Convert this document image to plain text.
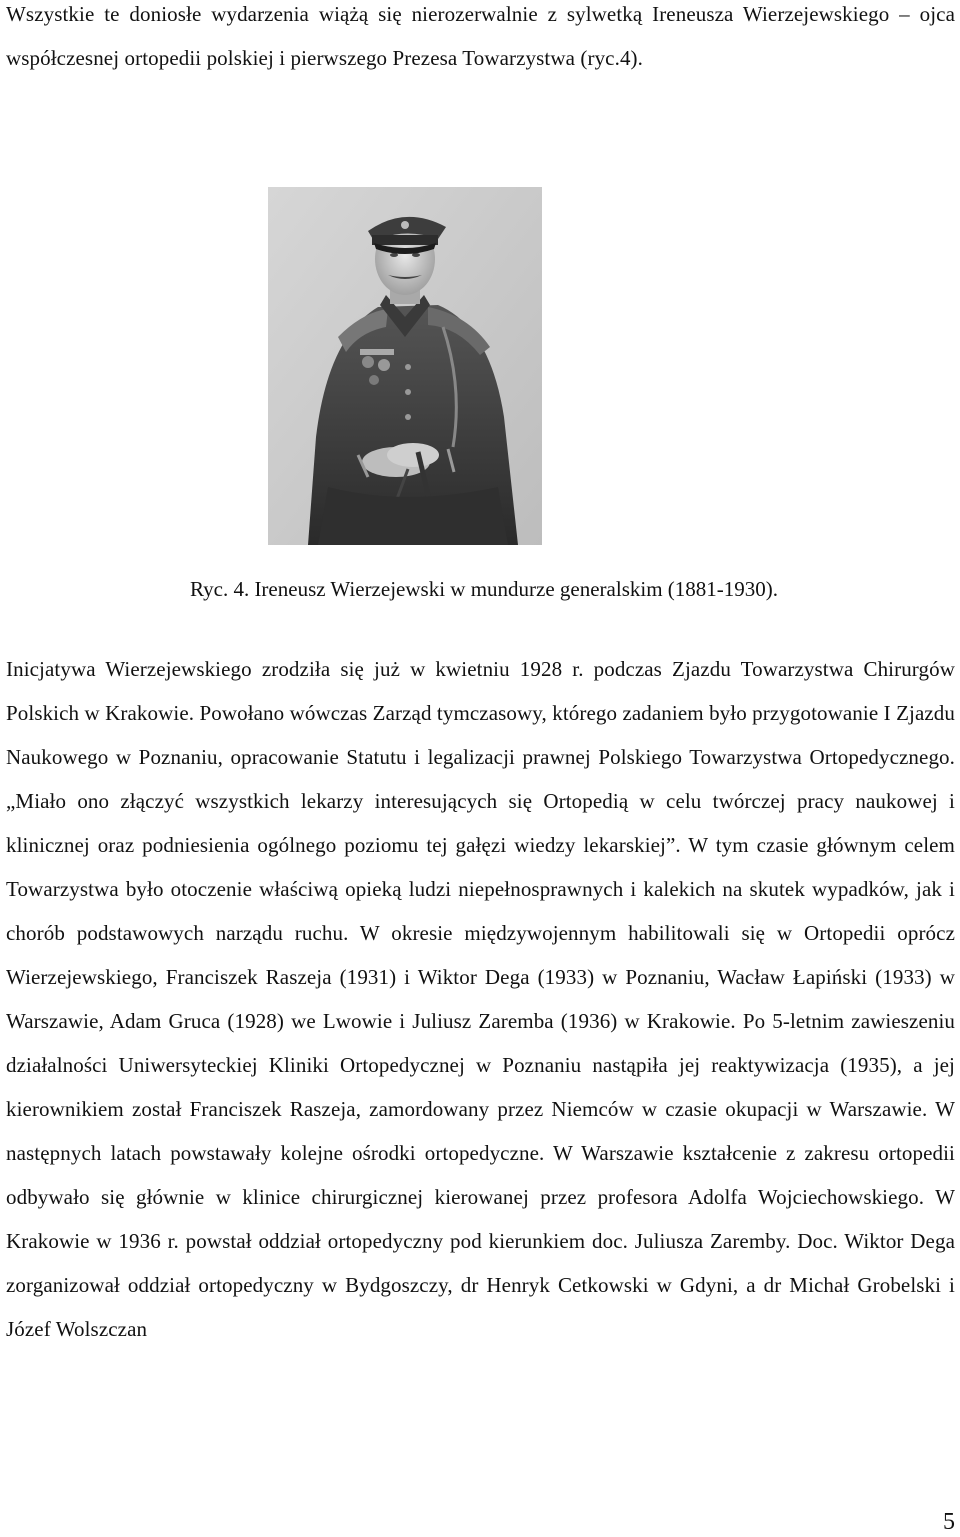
Wszystkie te doniosłe wydarzenia wiążą się nierozerwalnie z sylwetką Ireneusza Wierzejewskiego – ojca współczesnej ortopedii polskiej i pierwszego Prezesa Towarzystwa (ryc.4).

Ryc. 4. Ireneusz Wierzejewski w mundurze generalskim (1881-1930).

Inicjatywa Wierzejewskiego zrodziła się już w kwietniu 1928 r. podczas Zjazdu Towarzystwa Chirurgów Polskich w Krakowie. Powołano wówczas Zarząd tymczasowy, którego zadaniem było przygotowanie I Zjazdu Naukowego w Poznaniu, opracowanie Statutu i legalizacji prawnej Polskiego Towarzystwa Ortopedycznego. „Miało ono złączyć wszystkich lekarzy interesujących się Ortopedią w celu twórczej pracy naukowej i klinicznej oraz podniesienia ogólnego poziomu tej gałęzi wiedzy lekarskiej”. W tym czasie głównym celem Towarzystwa było otoczenie właściwą opieką ludzi niepełnosprawnych i kalekich na skutek wypadków, jak i chorób podstawowych narządu ruchu. W okresie międzywojennym habilitowali się w Ortopedii oprócz Wierzejewskiego, Franciszek Raszeja (1931) i Wiktor Dega (1933) w Poznaniu, Wacław Łapiński (1933) w Warszawie, Adam Gruca (1928) we Lwowie i Juliusz Zaremba (1936) w Krakowie. Po 5-letnim zawieszeniu działalności Uniwersyteckiej Kliniki Ortopedycznej w Poznaniu nastąpiła jej reaktywizacja (1935), a jej kierownikiem został Franciszek Raszeja, zamordowany przez Niemców w czasie okupacji w Warszawie. W następnych latach powstawały kolejne ośrodki ortopedyczne. W Warszawie kształcenie z zakresu ortopedii odbywało się głównie w klinice chirurgicznej kierowanej przez profesora Adolfa Wojciechowskiego. W Krakowie w 1936 r. powstał oddział ortopedyczny pod kierunkiem doc. Juliusza Zaremby. Doc. Wiktor Dega zorganizował oddział ortopedyczny w Bydgoszczy, dr Henryk Cetkowski w Gdyni, a dr Michał Grobelski i Józef Wolszczan

5
